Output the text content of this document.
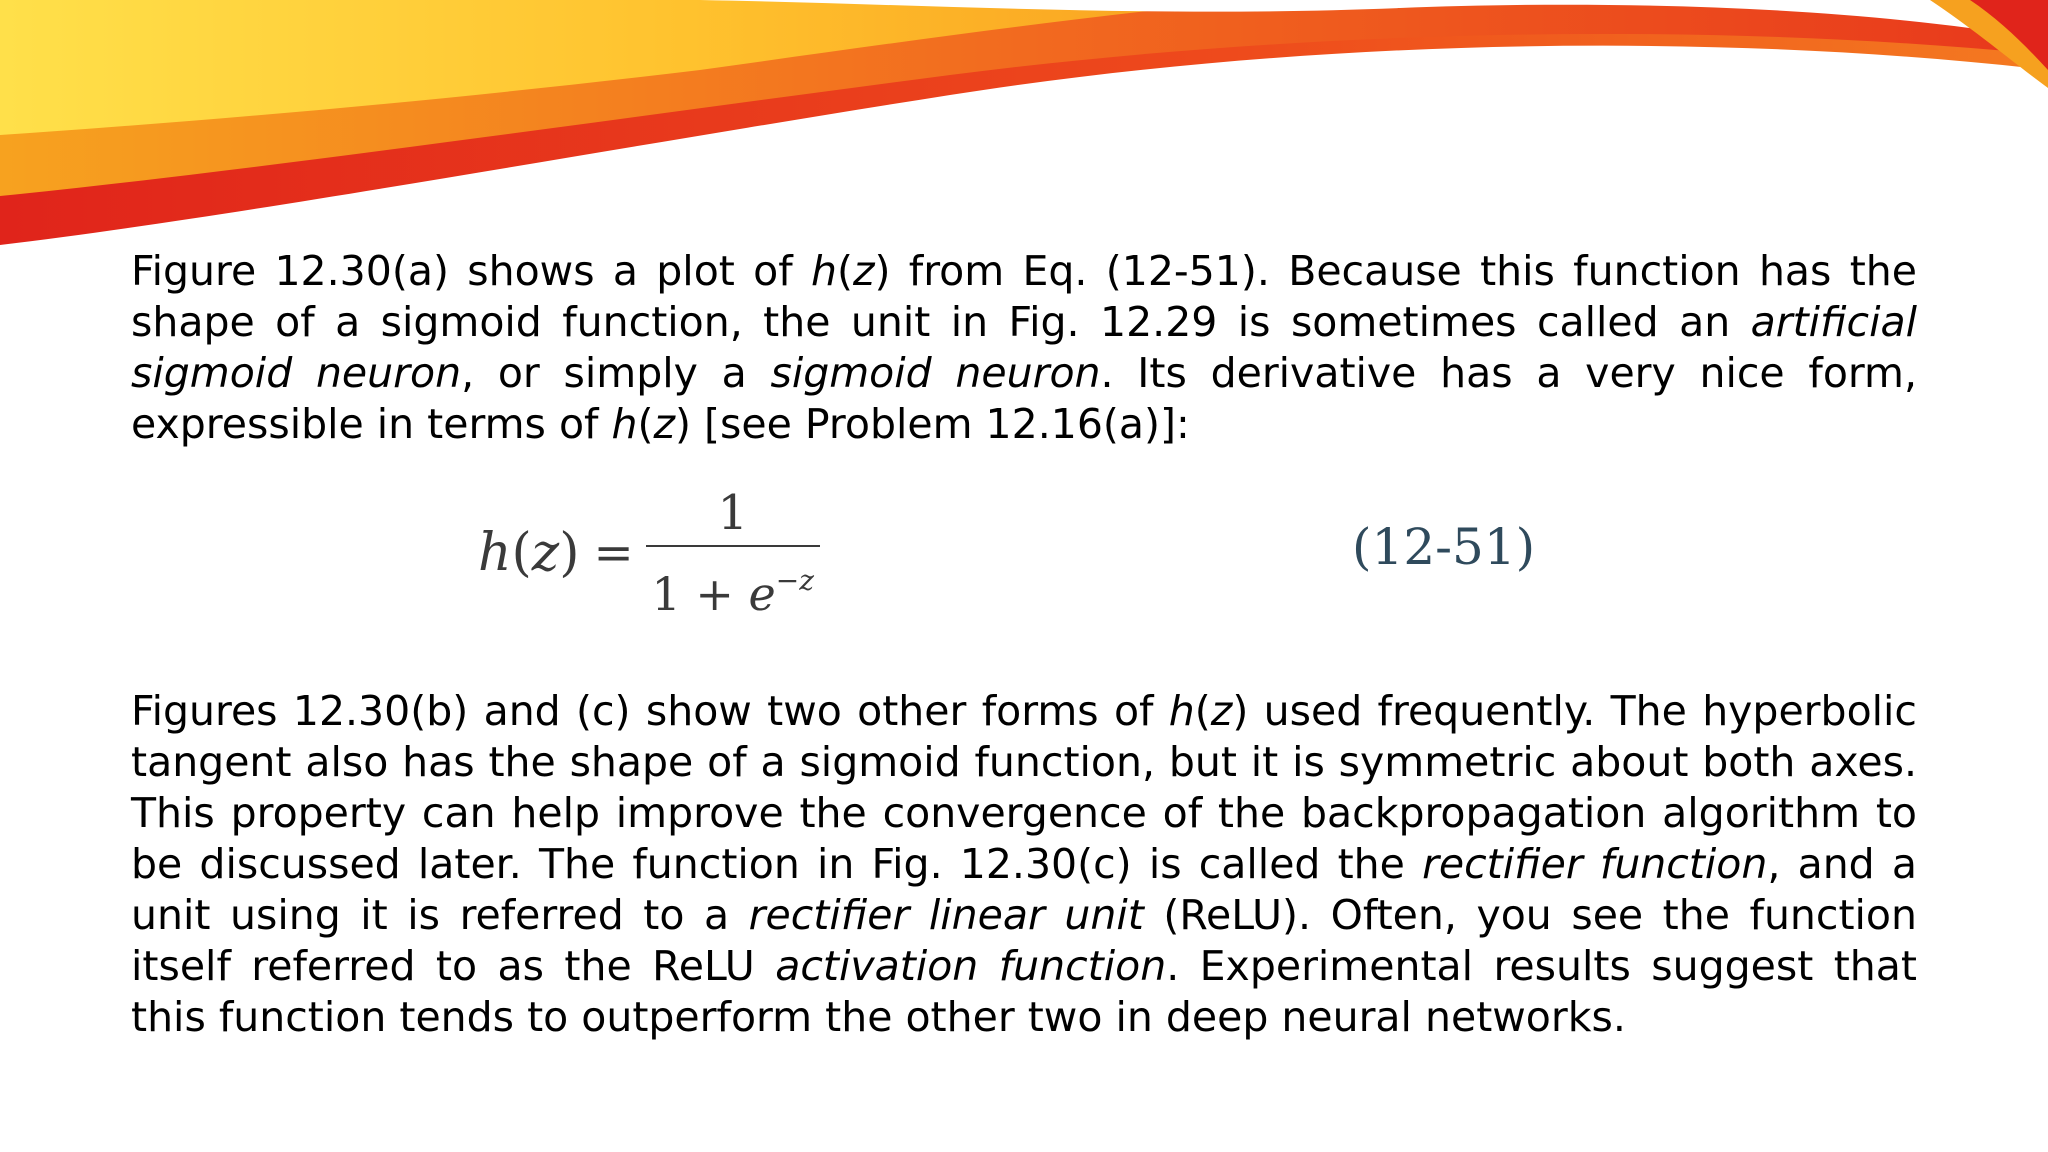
Figure 12.30(a) shows a plot of h(z) from Eq. (12-51). Because this function has the shape of a sigmoid function, the unit in Fig. 12.29 is sometimes called an artificial sigmoid neuron, or simply a sigmoid neuron. Its derivative has a very nice form, expressible in terms of h(z) [see Problem 12.16(a)]:

$h(z) = \frac{1}{1 + e^{-z}}$	(12-51)

Figures 12.30(b) and (c) show two other forms of h(z) used frequently. The hyperbolic tangent also has the shape of a sigmoid function, but it is symmetric about both axes. This property can help improve the convergence of the backpropagation algorithm to be discussed later. The function in Fig. 12.30(c) is called the rectifier function, and a unit using it is referred to a rectifier linear unit (ReLU). Often, you see the function itself referred to as the ReLU activation function. Experimental results suggest that this function tends to outperform the other two in deep neural networks.
